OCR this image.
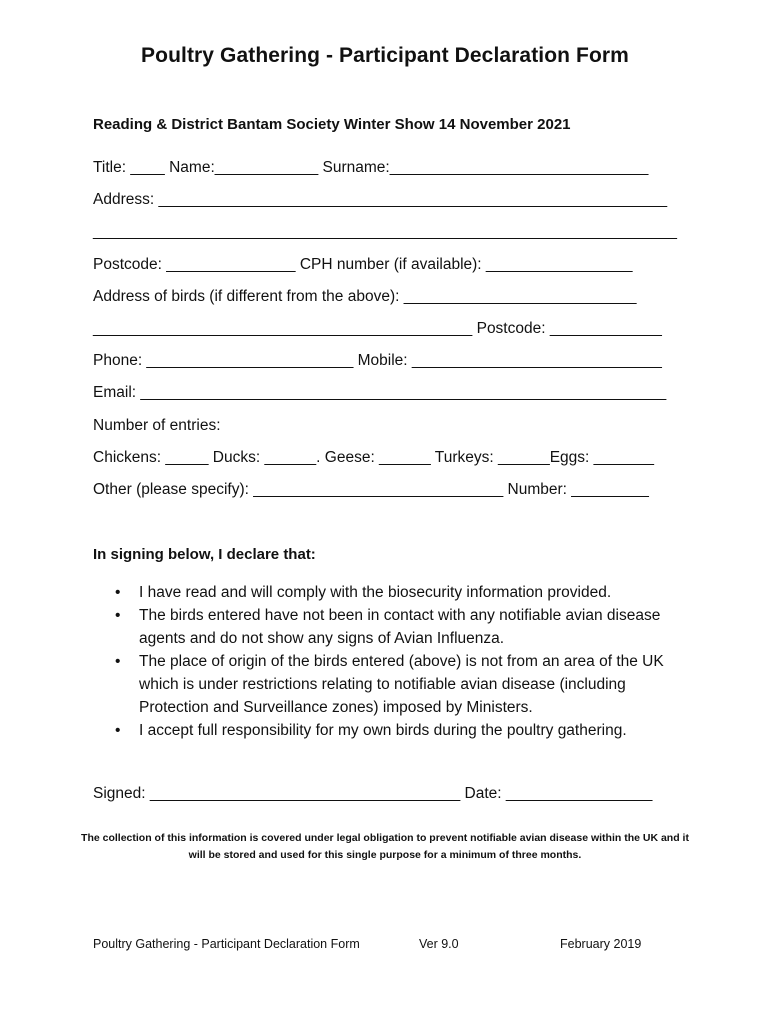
Poultry Gathering - Participant Declaration Form
Reading & District Bantam Society Winter Show 14 November 2021
Title: ____ Name:____________ Surname:______________________________
Address: ___________________________________________________________
_____________________________________________________________________
Postcode: _______________ CPH number (if available): _________________
Address of birds (if different from the above): ___________________________
____________________________________________ Postcode: _____________
Phone: ________________________ Mobile: _____________________________
Email: _____________________________________________________________
Number of entries:
Chickens: _____ Ducks: ______. Geese: ______ Turkeys: ______Eggs: _______
Other (please specify): _____________________________ Number: _________
In signing below, I declare that:
• I have read and will comply with the biosecurity information provided.
• The birds entered have not been in contact with any notifiable avian disease agents and do not show any signs of Avian Influenza.
• The place of origin of the birds entered (above) is not from an area of the UK which is under restrictions relating to notifiable avian disease (including Protection and Surveillance zones) imposed by Ministers.
• I accept full responsibility for my own birds during the poultry gathering.
Signed: ____________________________________ Date: _________________
The collection of this information is covered under legal obligation to prevent notifiable avian disease within the UK and it will be stored and used for this single purpose for a minimum of three months.
Poultry Gathering - Participant Declaration Form	Ver 9.0	February 2019
